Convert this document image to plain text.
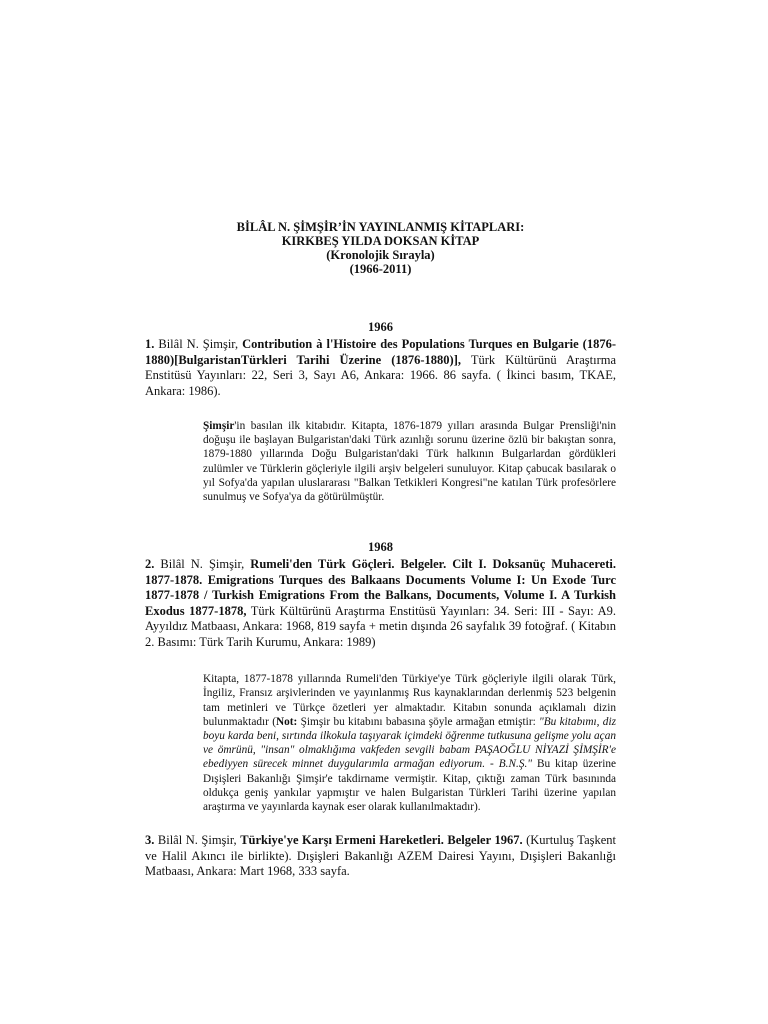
BİLÂL N. ŞİMŞİR’İN YAYINLANMIŞ KİTAPLARI:
KIRKBEŞ YILDA DOKSAN KİTAP
(Kronolojik Sırayla)
(1966-2011)
1966

1. Bilâl N. Şimşir, Contribution à l'Histoire des Populations Turques en Bulgarie (1876-1880)[BulgaristanTürkleri Tarihi Üzerine (1876-1880)], Türk Kültürünü Araştırma Enstitüsü Yayınları: 22, Seri 3, Sayı A6, Ankara: 1966. 86 sayfa. ( İkinci basım, TKAE, Ankara: 1986).

Şimşir'in basılan ilk kitabıdır. Kitapta, 1876-1879 yılları arasında Bulgar Prensliği'nin doğuşu ile başlayan Bulgaristan'daki Türk azınlığı sorunu üzerine özlü bir bakıştan sonra, 1879-1880 yıllarında Doğu Bulgaristan'daki Türk halkının Bulgarlardan gördükleri zulümler ve Türklerin göçleriyle ilgili arşiv belgeleri sunuluyor. Kitap çabucak basılarak o yıl Sofya'da yapılan uluslararası "Balkan Tetkikleri Kongresi"ne katılan Türk profesörlere sunulmuş ve Sofya'ya da götürülmüştür.

1968

2. Bilâl N. Şimşir, Rumeli'den Türk Göçleri. Belgeler. Cilt I. Doksanüç Muhacereti. 1877-1878. Emigrations Turques des Balkaans Documents Volume I: Un Exode Turc 1877-1878 / Turkish Emigrations From the Balkans, Documents, Volume I. A Turkish Exodus 1877-1878, Türk Kültürünü Araştırma Enstitüsü Yayınları: 34. Seri: III - Sayı: A9. Ayyıldız Matbaası, Ankara: 1968, 819 sayfa + metin dışında 26 sayfalık 39 fotoğraf. ( Kitabın 2. Basımı: Türk Tarih Kurumu, Ankara: 1989)

Kitapta, 1877-1878 yıllarında Rumeli'den Türkiye'ye Türk göçleriyle ilgili olarak Türk, İngiliz, Fransız arşivlerinden ve yayınlanmış Rus kaynaklarından derlenmiş 523 belgenin tam metinleri ve Türkçe özetleri yer almaktadır. Kitabın sonunda açıklamalı dizin bulunmaktadır (Not: Şimşir bu kitabını babasına şöyle armağan etmiştir: "Bu kitabımı, diz boyu karda beni, sırtında ilkokula taşıyarak içimdeki öğrenme tutkusuna gelişme yolu açan ve ömrünü, "insan" olmaklığıma vakfeden sevgili babam PAŞAOĞLU NİYAZİ ŞİMŞİR'e ebediyyen sürecek minnet duygularımla armağan ediyorum. - B.N.Ş." Bu kitap üzerine Dışişleri Bakanlığı Şimşir'e takdirname vermiştir. Kitap, çıktığı zaman Türk basınında oldukça geniş yankılar yapmıştır ve halen Bulgaristan Türkleri Tarihi üzerine yapılan araştırma ve yayınlarda kaynak eser olarak kullanılmaktadır).

3. Bilâl N. Şimşir, Türkiye'ye Karşı Ermeni Hareketleri. Belgeler 1967. (Kurtuluş Taşkent ve Halil Akıncı ile birlikte). Dışişleri Bakanlığı AZEM Dairesi Yayını, Dışişleri Bakanlığı Matbaası, Ankara: Mart 1968, 333 sayfa.
